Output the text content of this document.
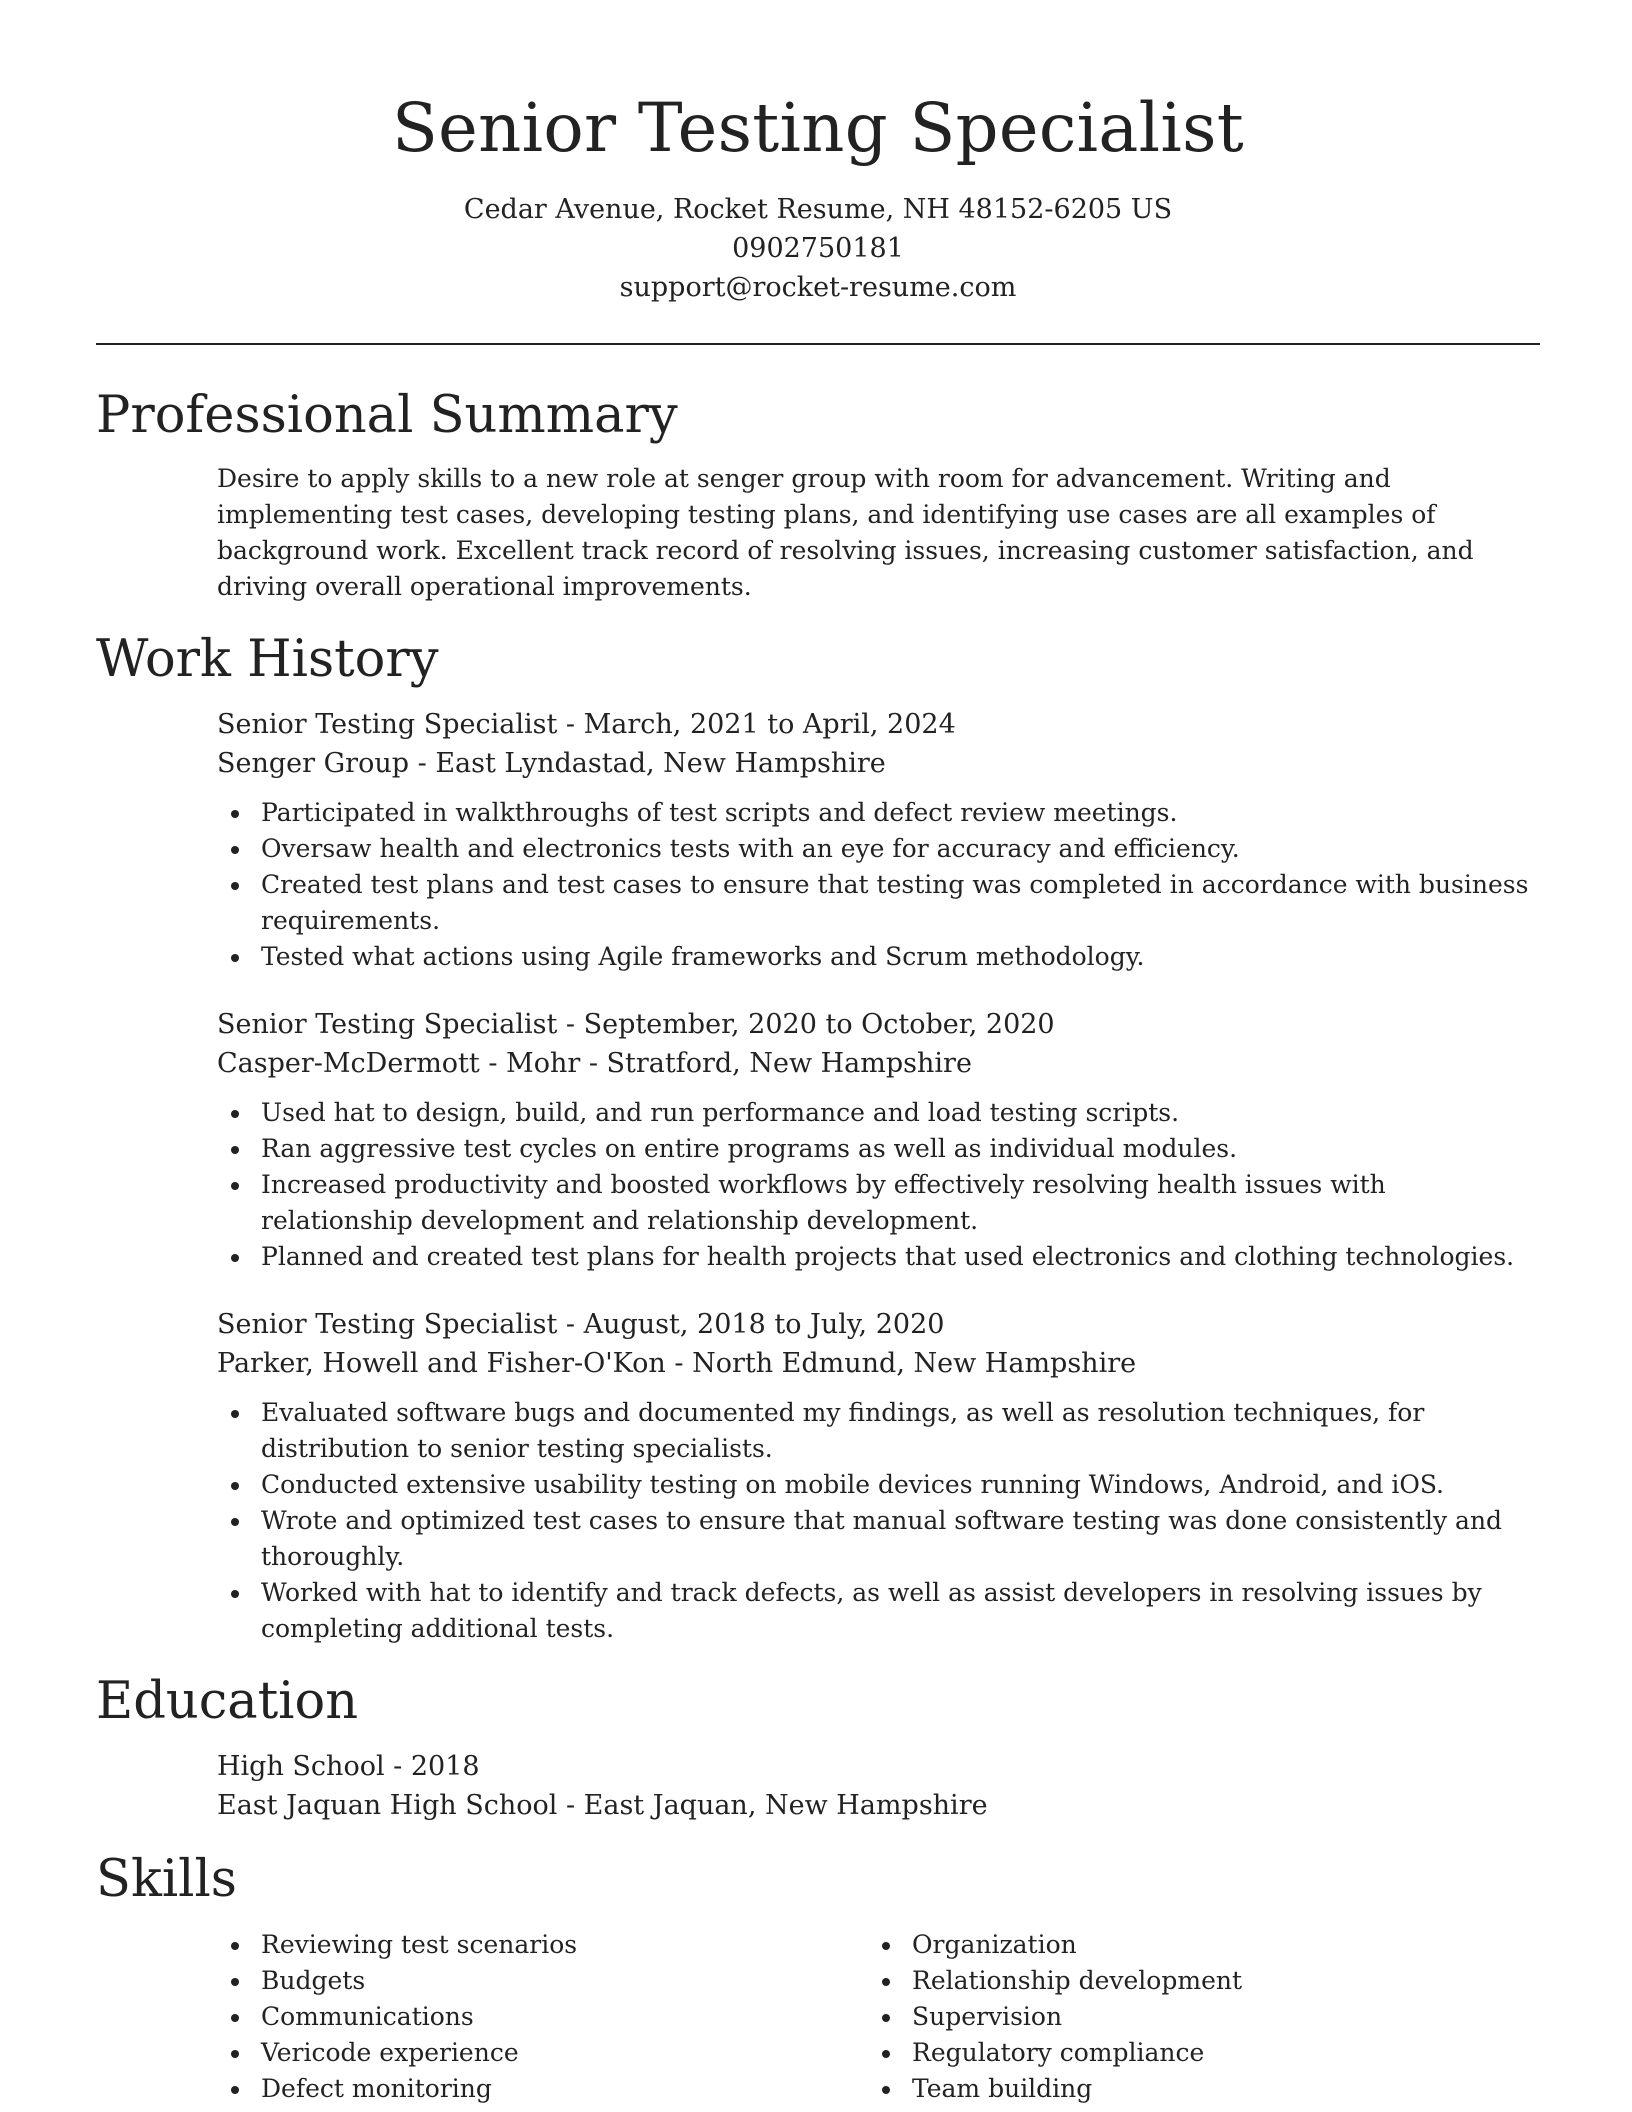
Senior Testing Specialist

Cedar Avenue, Rocket Resume, NH 48152-6205 US

0902750181

support@rocket-resume.com

Professional Summary

Desire to apply skills to a new role at senger group with room for advancement. Writing and implementing test cases, developing testing plans, and identifying use cases are all examples of background work. Excellent track record of resolving issues, increasing customer satisfaction, and driving overall operational improvements.

Work History

Senior Testing Specialist - March, 2021 to April, 2024

Senger Group - East Lyndastad, New Hampshire

Participated in walkthroughs of test scripts and defect review meetings.
Oversaw health and electronics tests with an eye for accuracy and efficiency.
Created test plans and test cases to ensure that testing was completed in accordance with business requirements.
Tested what actions using Agile frameworks and Scrum methodology.

Senior Testing Specialist - September, 2020 to October, 2020

Casper-McDermott - Mohr - Stratford, New Hampshire

Used hat to design, build, and run performance and load testing scripts.
Ran aggressive test cycles on entire programs as well as individual modules.
Increased productivity and boosted workflows by effectively resolving health issues with relationship development and relationship development.
Planned and created test plans for health projects that used electronics and clothing technologies.

Senior Testing Specialist - August, 2018 to July, 2020

Parker, Howell and Fisher-O'Kon - North Edmund, New Hampshire

Evaluated software bugs and documented my findings, as well as resolution techniques, for distribution to senior testing specialists.
Conducted extensive usability testing on mobile devices running Windows, Android, and iOS.
Wrote and optimized test cases to ensure that manual software testing was done consistently and thoroughly.
Worked with hat to identify and track defects, as well as assist developers in resolving issues by completing additional tests.
Education

High School - 2018

East Jaquan High School - East Jaquan, New Hampshire

Skills
Reviewing test scenarios
Budgets
Communications
Vericode experience
Defect monitoring
Organization
Relationship development
Supervision
Regulatory compliance
Team building
